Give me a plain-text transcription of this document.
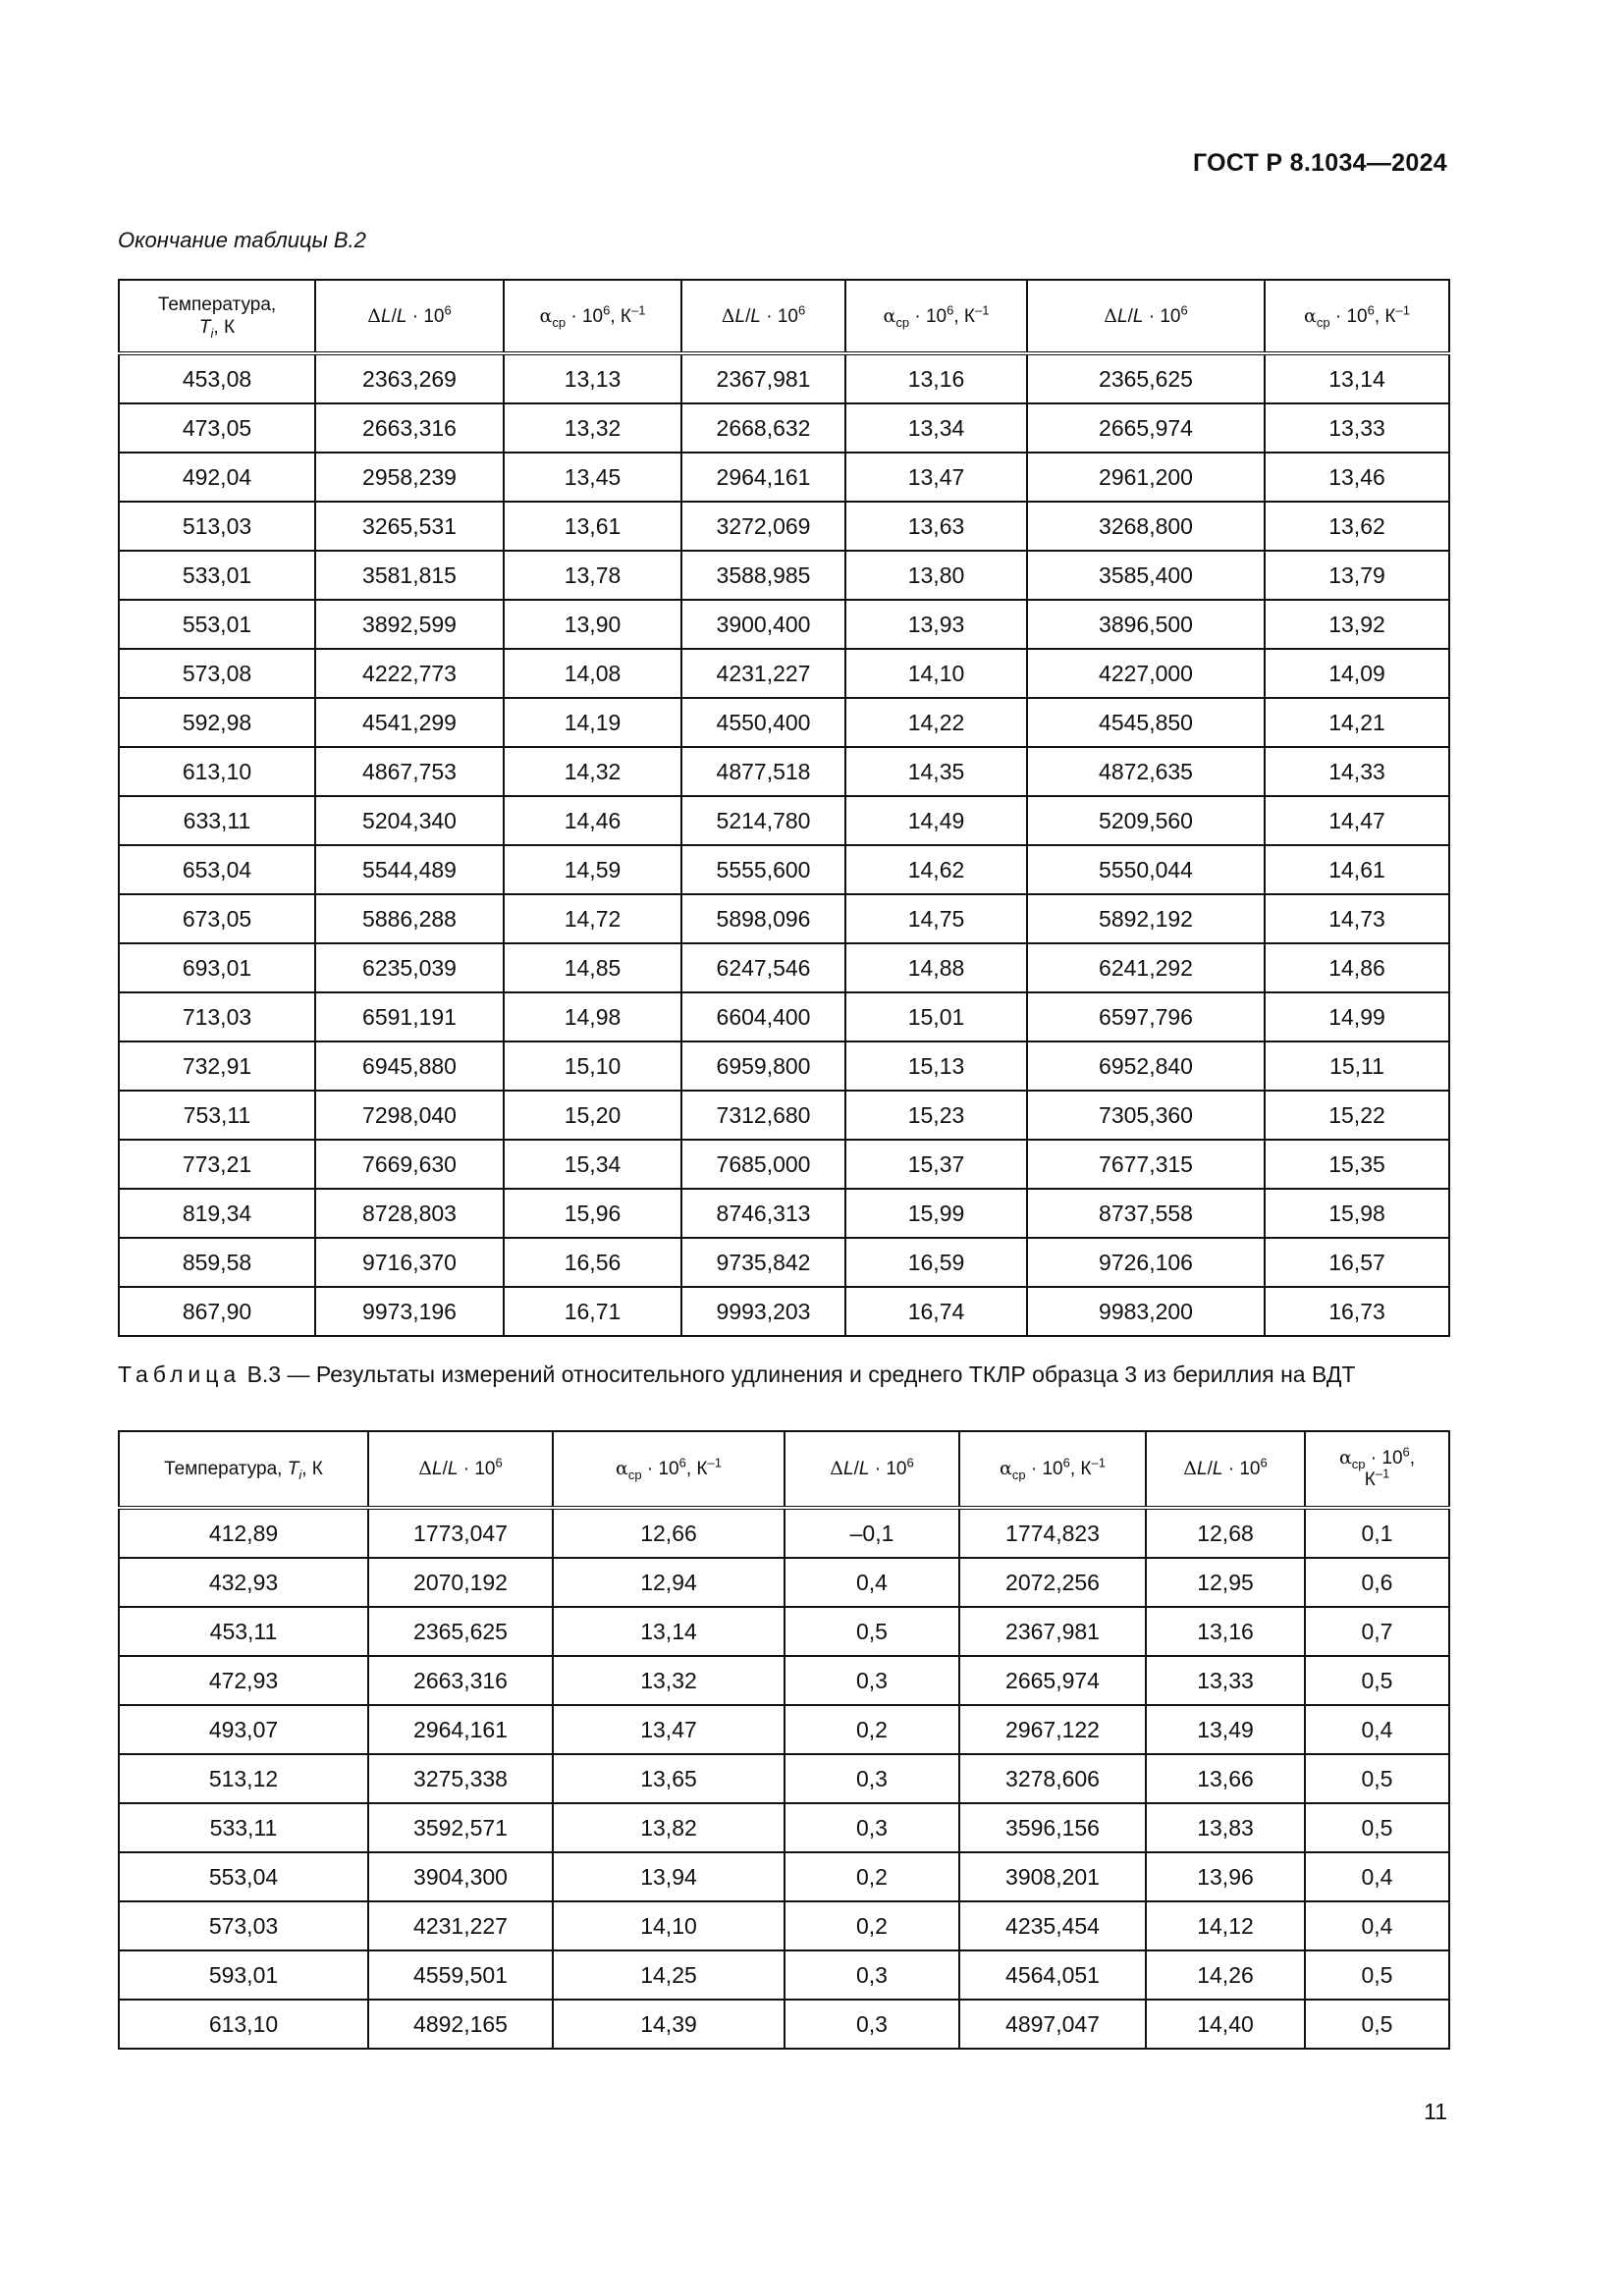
ГОСТ Р 8.1034—2024
Окончание таблицы В.2
Температура,
$T_i$, К	$\Delta L/L \cdot 10^6$	$\alpha_{ср} \cdot 10^6$, $К^{-1}$	$\Delta L/L \cdot 10^6$	$\alpha_{ср} \cdot 10^6$, $К^{-1}$	$\Delta L/L \cdot 10^6$	$\alpha_{ср} \cdot 10^6$, $К^{-1}$
453,08	2363,269	13,13	2367,981	13,16	2365,625	13,14
473,05	2663,316	13,32	2668,632	13,34	2665,974	13,33
492,04	2958,239	13,45	2964,161	13,47	2961,200	13,46
513,03	3265,531	13,61	3272,069	13,63	3268,800	13,62
533,01	3581,815	13,78	3588,985	13,80	3585,400	13,79
553,01	3892,599	13,90	3900,400	13,93	3896,500	13,92
573,08	4222,773	14,08	4231,227	14,10	4227,000	14,09
592,98	4541,299	14,19	4550,400	14,22	4545,850	14,21
613,10	4867,753	14,32	4877,518	14,35	4872,635	14,33
633,11	5204,340	14,46	5214,780	14,49	5209,560	14,47
653,04	5544,489	14,59	5555,600	14,62	5550,044	14,61
673,05	5886,288	14,72	5898,096	14,75	5892,192	14,73
693,01	6235,039	14,85	6247,546	14,88	6241,292	14,86
713,03	6591,191	14,98	6604,400	15,01	6597,796	14,99
732,91	6945,880	15,10	6959,800	15,13	6952,840	15,11
753,11	7298,040	15,20	7312,680	15,23	7305,360	15,22
773,21	7669,630	15,34	7685,000	15,37	7677,315	15,35
819,34	8728,803	15,96	8746,313	15,99	8737,558	15,98
859,58	9716,370	16,56	9735,842	16,59	9726,106	16,57
867,90	9973,196	16,71	9993,203	16,74	9983,200	16,73
Таблица В.3 — Результаты измерений относительного удлинения и среднего ТКЛР образца 3 из бериллия на ВДТ
Температура, $T_i$, К	$\Delta L/L \cdot 10^6$	$\alpha_{ср} \cdot 10^6$, $К^{-1}$	$\Delta L/L \cdot 10^6$	$\alpha_{ср} \cdot 10^6$, $К^{-1}$	$\Delta L/L \cdot 10^6$	$\alpha_{ср} \cdot 10^6$,
$К^{-1}$
412,89	1773,047	12,66	–0,1	1774,823	12,68	0,1
432,93	2070,192	12,94	0,4	2072,256	12,95	0,6
453,11	2365,625	13,14	0,5	2367,981	13,16	0,7
472,93	2663,316	13,32	0,3	2665,974	13,33	0,5
493,07	2964,161	13,47	0,2	2967,122	13,49	0,4
513,12	3275,338	13,65	0,3	3278,606	13,66	0,5
533,11	3592,571	13,82	0,3	3596,156	13,83	0,5
553,04	3904,300	13,94	0,2	3908,201	13,96	0,4
573,03	4231,227	14,10	0,2	4235,454	14,12	0,4
593,01	4559,501	14,25	0,3	4564,051	14,26	0,5
613,10	4892,165	14,39	0,3	4897,047	14,40	0,5
11
